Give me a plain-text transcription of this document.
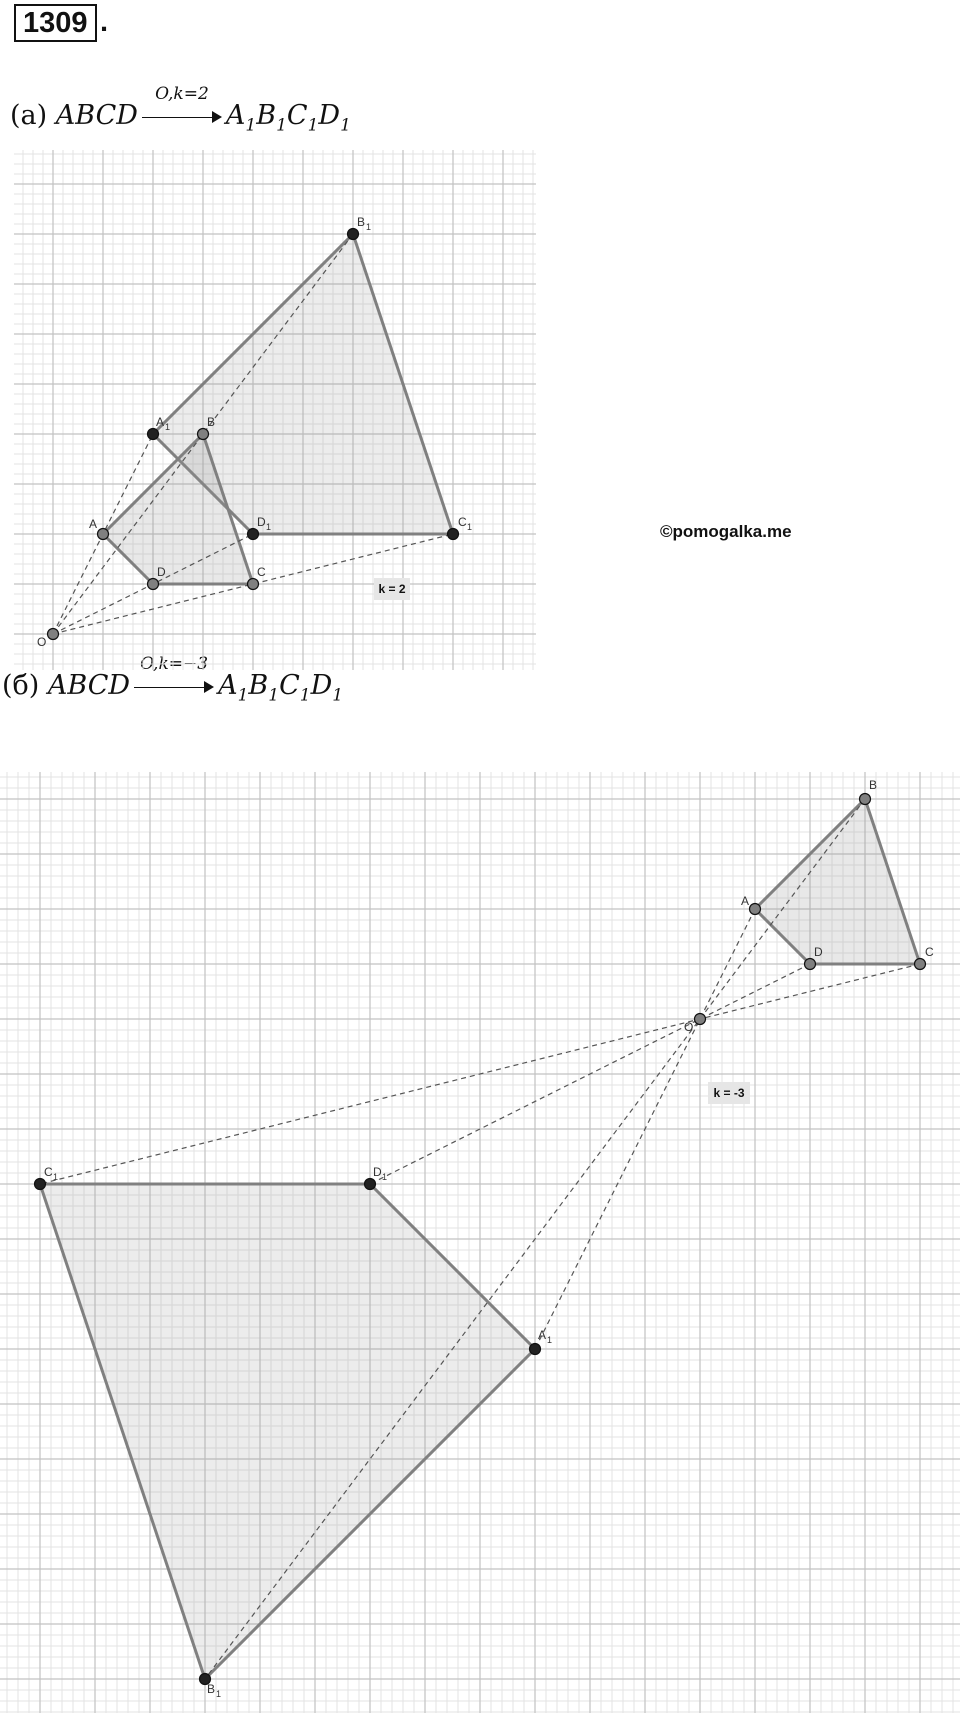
1309 .
(а) ABCD
O,k=2
$A_1B_1C_1D_1$
(б) ABCD
O,k=−3
$A_1B_1C_1D_1$
©pomogalka.me
O
A
B
C
D
A 1
B 1
C 1
D 1
k = 2
O
A
B
C
D
A 1
B 1
C 1	D 1
k = -3
